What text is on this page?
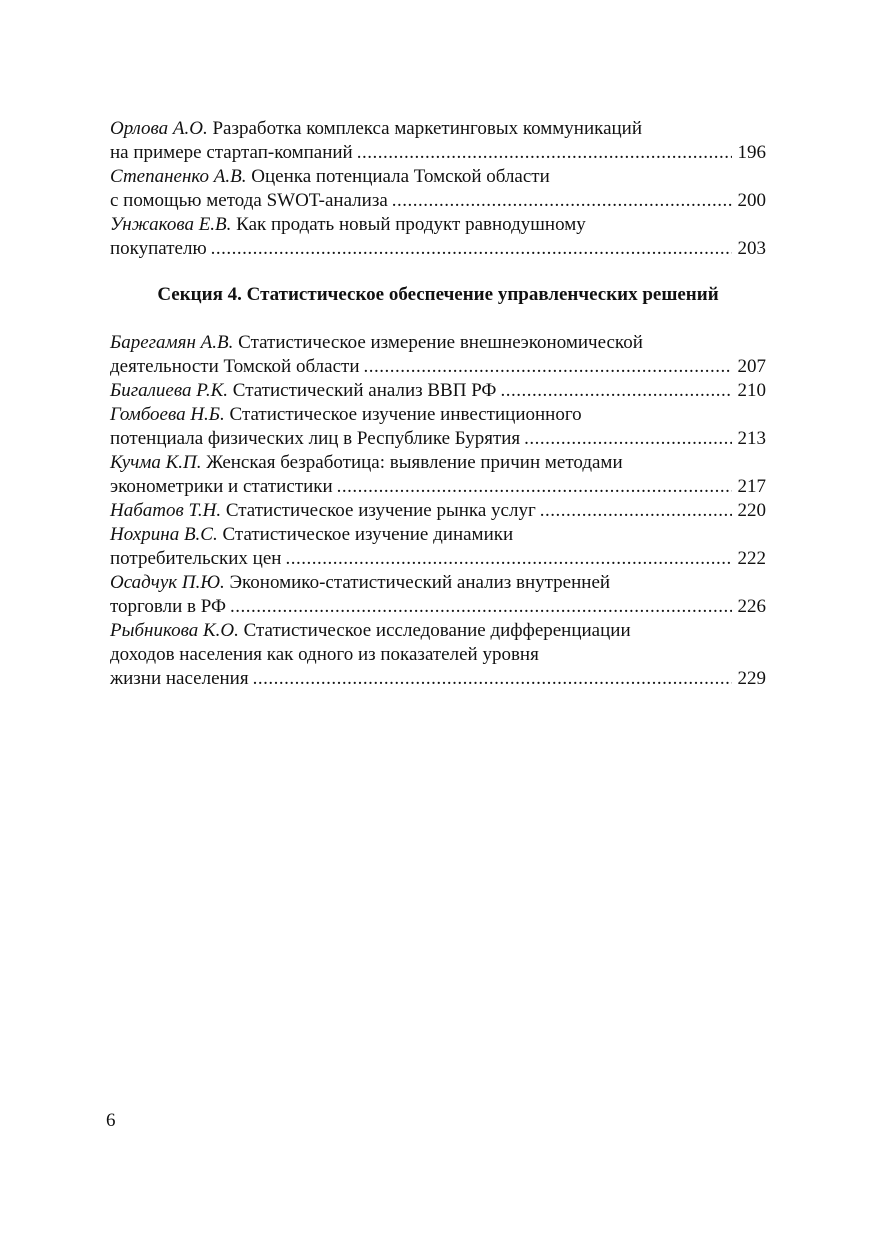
Орлова А.О. Разработка комплекса маркетинговых коммуникаций
на примере стартап-компаний .....	196
Степаненко А.В. Оценка потенциала Томской области
с помощью метода SWOT-анализа .....	200
Унжакова Е.В. Как продать новый продукт равнодушному
покупателю .....	203
Секция 4. Статистическое обеспечение управленческих решений
Барегамян А.В. Статистическое измерение внешнеэкономической
деятельности Томской области .....	207
Бигалиева Р.К. Статистический анализ ВВП РФ .....	210
Гомбоева Н.Б. Статистическое изучение инвестиционного
потенциала физических лиц в Республике Бурятия .....	213
Кучма К.П. Женская безработица: выявление причин методами
эконометрики и статистики .....	217
Набатов Т.Н. Статистическое изучение рынка услуг .....	220
Нохрина В.С. Статистическое изучение динамики
потребительских цен .....	222
Осадчук П.Ю. Экономико-статистический анализ внутренней
торговли в РФ .....	226
Рыбникова К.О. Статистическое исследование дифференциации
доходов населения как одного из показателей уровня
жизни населения .....	229
6
